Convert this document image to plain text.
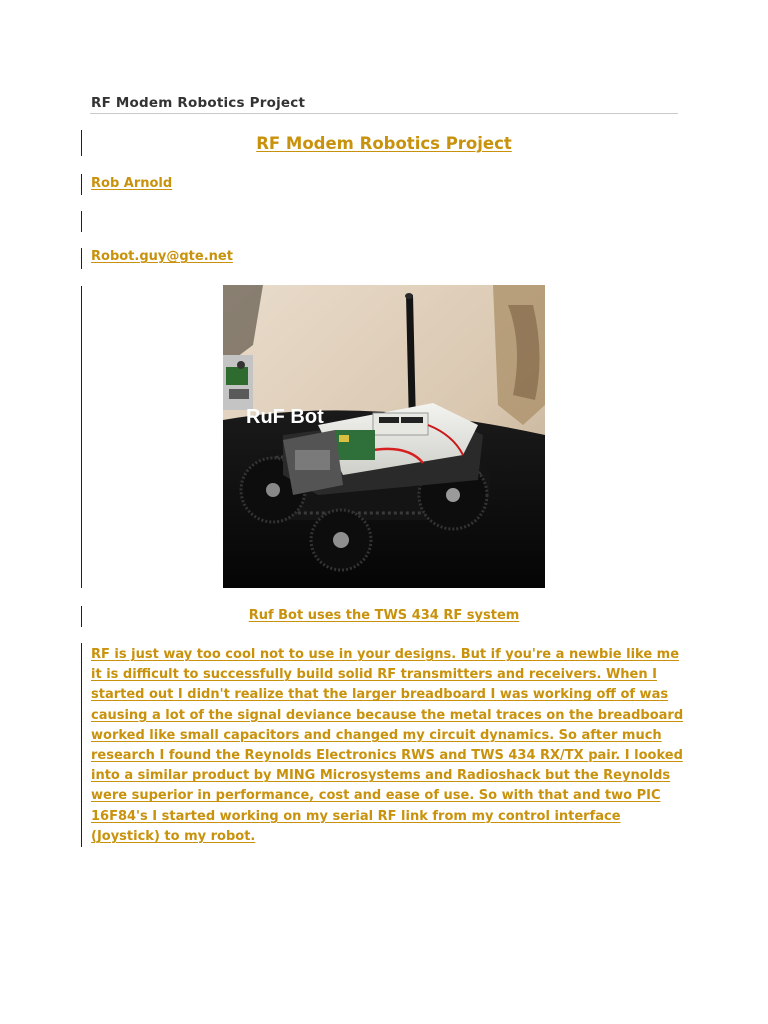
RF Modem Robotics Project
RF Modem Robotics Project
Rob Arnold
Robot.guy@gte.net
RuF Bot
Ruf Bot uses the TWS 434 RF system

RF is just way too cool not to use in your designs. But if you're a newbie like me it is difficult to successfully build solid RF transmitters and receivers. When I started out I didn't realize that the larger breadboard I was working off of was causing a lot of the signal deviance because the metal traces on the breadboard worked like small capacitors and changed my circuit dynamics. So after much research I found the Reynolds Electronics RWS and TWS 434 RX/TX pair. I looked into a similar product by MING Microsystems and Radioshack but the Reynolds were superior in performance, cost and ease of use. So with that and two PIC 16F84's I started working on my serial RF link from my control interface (Joystick) to my robot.
